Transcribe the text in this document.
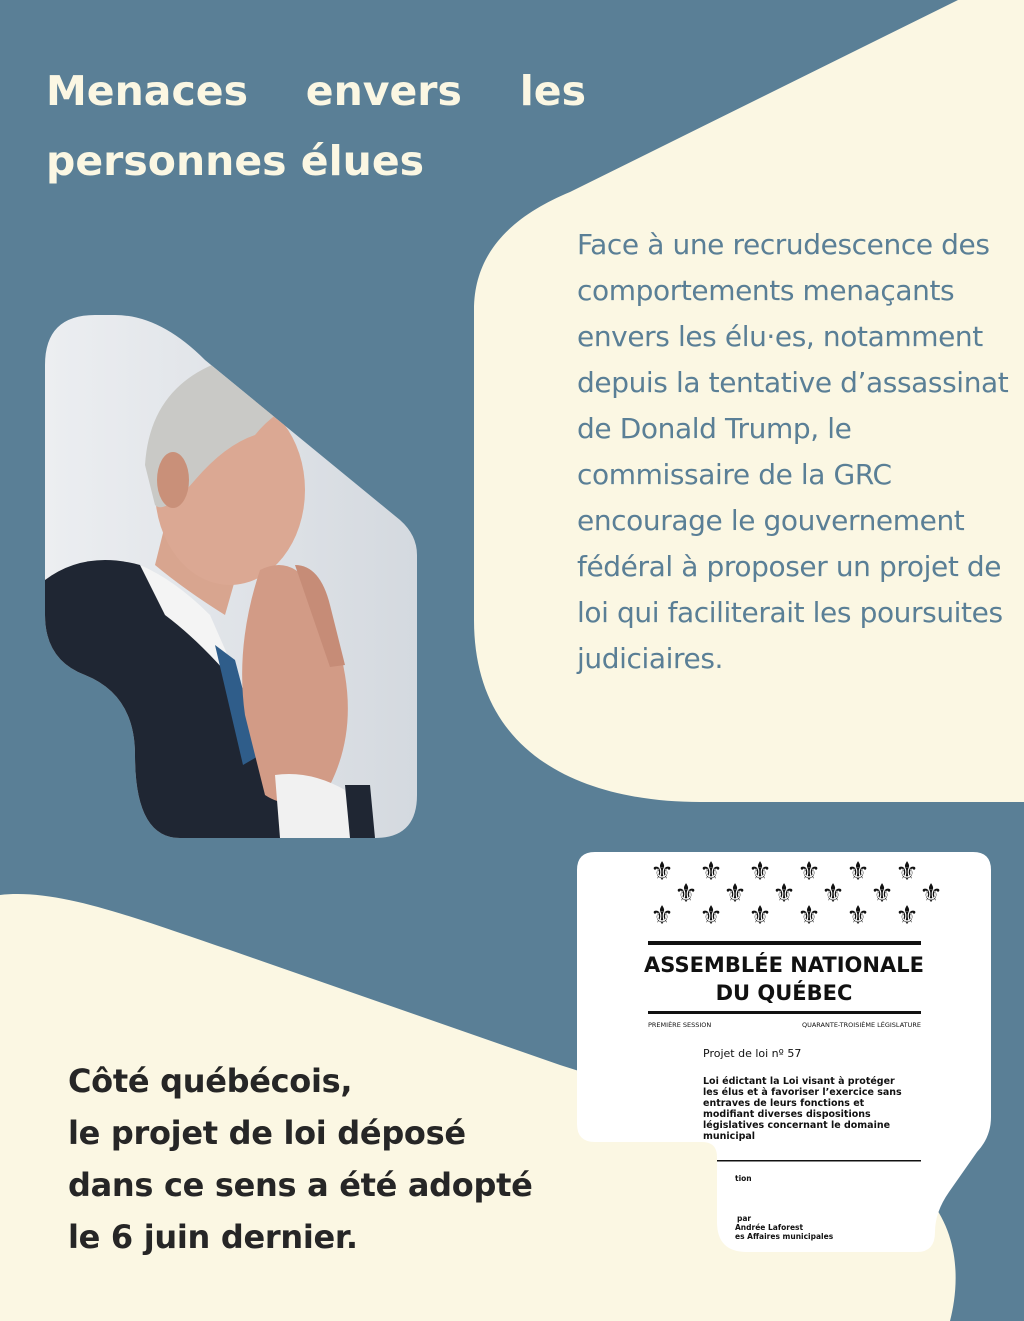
Menaces envers les personnes élues

Face à une recrudescence des comportements menaçants envers les élu·es, notamment depuis la tentative d’assassinat de Donald Trump, le commissaire de la GRC encourage le gouvernement fédéral à proposer un projet de loi qui faciliterait les poursuites judiciaires.

⚜ ⚜ ⚜ ⚜ ⚜ ⚜
⚜ ⚜ ⚜ ⚜ ⚜ ⚜
⚜ ⚜ ⚜ ⚜ ⚜ ⚜
ASSEMBLÉE NATIONALE
DU QUÉBEC
PREMIÈRE SESSION	QUARANTE-TROISIÈME LÉGISLATURE
Projet de loi nº 57
Loi édictant la Loi visant à protéger
les élus et à favoriser l’exercice sans
entraves de leurs fonctions et
modifiant diverses dispositions
législatives concernant le domaine
municipal
tion
par
Andrée Laforest
es Affaires municipales

Côté québécois,
le projet de loi déposé
dans ce sens a été adopté
le 6 juin dernier.
